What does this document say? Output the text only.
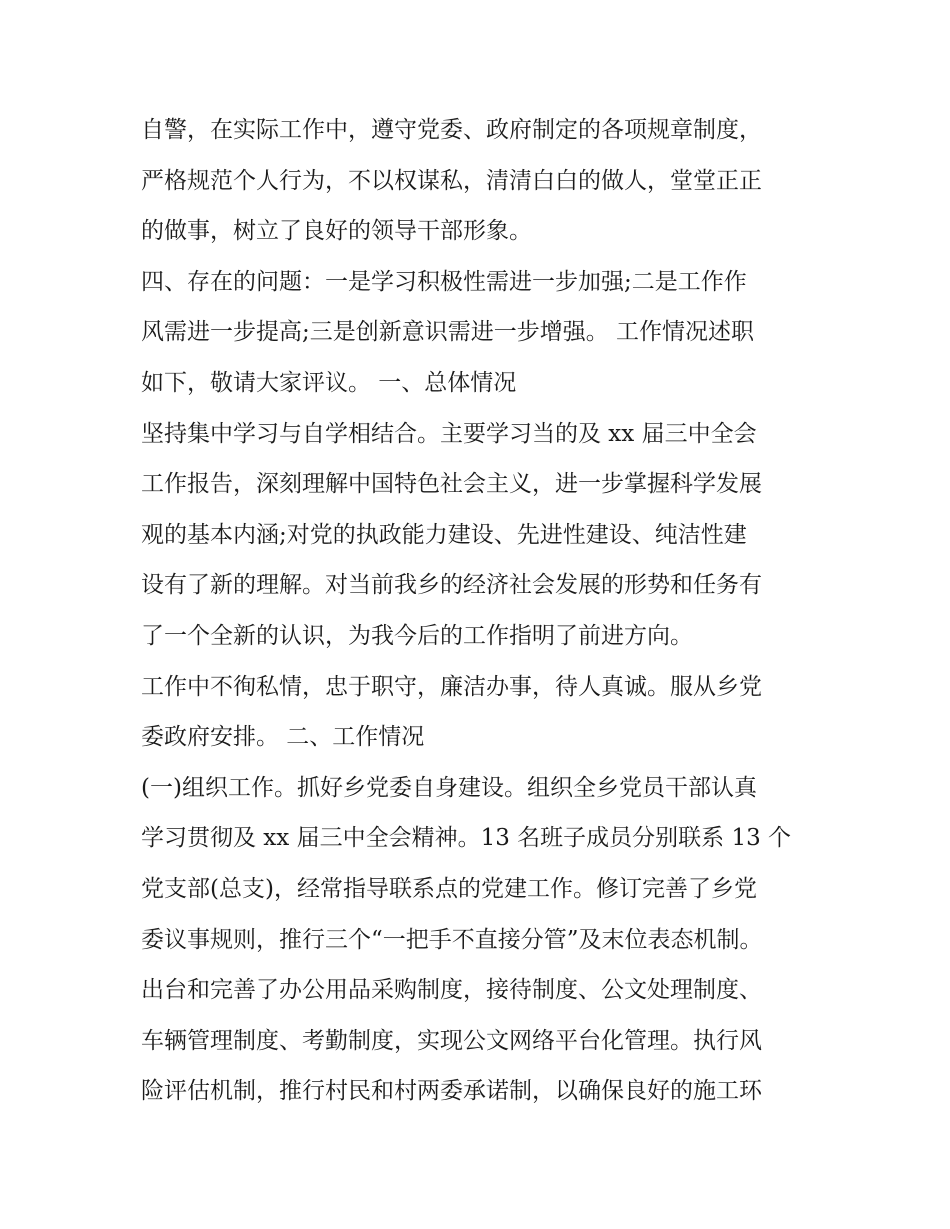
自警，在实际工作中，遵守党委、政府制定的各项规章制度，
严格规范个人行为，不以权谋私，清清白白的做人，堂堂正正
的做事，树立了良好的领导干部形象。
四、存在的问题：一是学习积极性需进一步加强;二是工作作
风需进一步提高;三是创新意识需进一步增强。 工作情况述职
如下，敬请大家评议。 一、总体情况
坚持集中学习与自学相结合。主要学习当的及 xx 届三中全会
工作报告，深刻理解中国特色社会主义，进一步掌握科学发展
观的基本内涵;对党的执政能力建设、先进性建设、纯洁性建
设有了新的理解。对当前我乡的经济社会发展的形势和任务有
了一个全新的认识，为我今后的工作指明了前进方向。
工作中不徇私情，忠于职守，廉洁办事，待人真诚。服从乡党
委政府安排。 二、工作情况
(一)组织工作。抓好乡党委自身建设。组织全乡党员干部认真
学习贯彻及 xx 届三中全会精神。13 名班子成员分别联系 13 个
党支部(总支)，经常指导联系点的党建工作。修订完善了乡党
委议事规则，推行三个“一把手不直接分管”及末位表态机制。
出台和完善了办公用品采购制度，接待制度、公文处理制度、
车辆管理制度、考勤制度，实现公文网络平台化管理。执行风
险评估机制，推行村民和村两委承诺制，以确保良好的施工环
